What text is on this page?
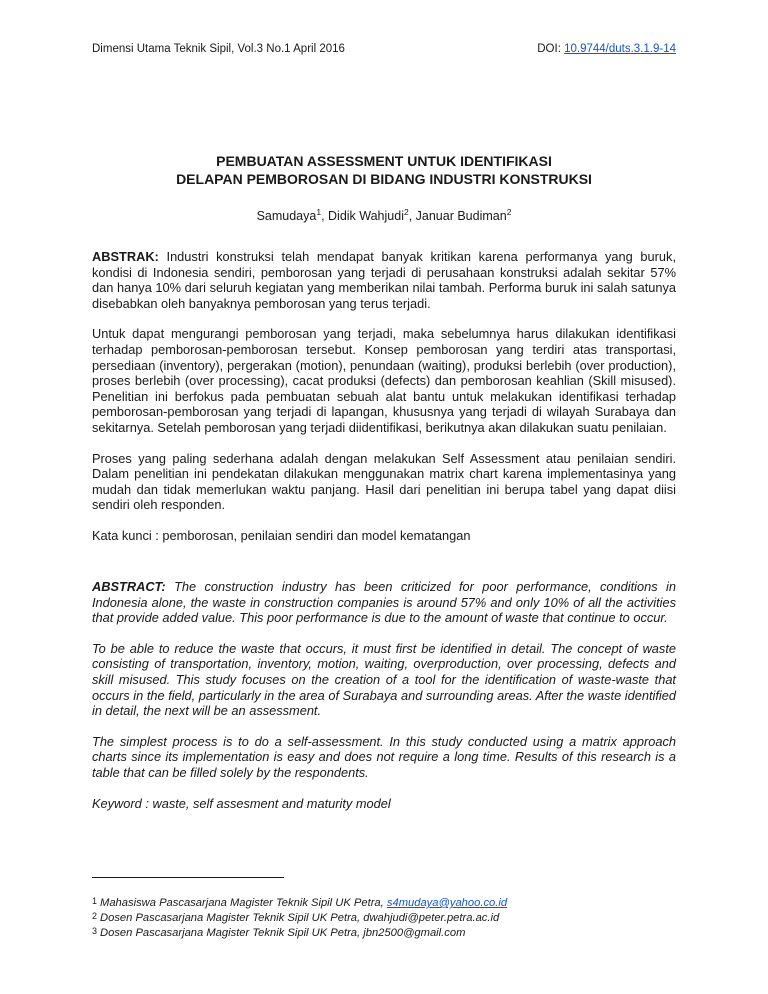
Dimensi Utama Teknik Sipil, Vol.3 No.1 April 2016	DOI: 10.9744/duts.3.1.9-14
PEMBUATAN ASSESSMENT UNTUK IDENTIFIKASI
DELAPAN PEMBOROSAN DI BIDANG INDUSTRI KONSTRUKSI
Samudaya$^1$, Didik Wahjudi$^2$, Januar Budiman$^2$

ABSTRAK: Industri konstruksi telah mendapat banyak kritikan karena performanya yang buruk, kondisi di Indonesia sendiri, pemborosan yang terjadi di perusahaan konstruksi adalah sekitar 57% dan hanya 10% dari seluruh kegiatan yang memberikan nilai tambah. Performa buruk ini salah satunya disebabkan oleh banyaknya pemborosan yang terus terjadi.

Untuk dapat mengurangi pemborosan yang terjadi, maka sebelumnya harus dilakukan identifikasi terhadap pemborosan-pemborosan tersebut. Konsep pemborosan yang terdiri atas transportasi, persediaan (inventory), pergerakan (motion), penundaan (waiting), produksi berlebih (over production), proses berlebih (over processing), cacat produksi (defects) dan pemborosan keahlian (Skill misused). Penelitian ini berfokus pada pembuatan sebuah alat bantu untuk melakukan identifikasi terhadap pemborosan-pemborosan yang terjadi di lapangan, khususnya yang terjadi di wilayah Surabaya dan sekitarnya. Setelah pemborosan yang terjadi diidentifikasi, berikutnya akan dilakukan suatu penilaian.

Proses yang paling sederhana adalah dengan melakukan Self Assessment atau penilaian sendiri. Dalam penelitian ini pendekatan dilakukan menggunakan matrix chart karena implementasinya yang mudah dan tidak memerlukan waktu panjang. Hasil dari penelitian ini berupa tabel yang dapat diisi sendiri oleh responden.

Kata kunci : pemborosan, penilaian sendiri dan model kematangan

ABSTRACT: The construction industry has been criticized for poor performance, conditions in Indonesia alone, the waste in construction companies is around 57% and only 10% of all the activities that provide added value. This poor performance is due to the amount of waste that continue to occur.

To be able to reduce the waste that occurs, it must first be identified in detail. The concept of waste consisting of transportation, inventory, motion, waiting, overproduction, over processing, defects and skill misused. This study focuses on the creation of a tool for the identification of waste-waste that occurs in the field, particularly in the area of Surabaya and surrounding areas. After the waste identified in detail, the next will be an assessment.

The simplest process is to do a self-assessment. In this study conducted using a matrix approach charts since its implementation is easy and does not require a long time. Results of this research is a table that can be filled solely by the respondents.

Keyword : waste, self assesment and maturity model

1 Mahasiswa Pascasarjana Magister Teknik Sipil UK Petra, s4mudaya@yahoo.co.id
2 Dosen Pascasarjana Magister Teknik Sipil UK Petra, dwahjudi@peter.petra.ac.id
3 Dosen Pascasarjana Magister Teknik Sipil UK Petra, jbn2500@gmail.com
